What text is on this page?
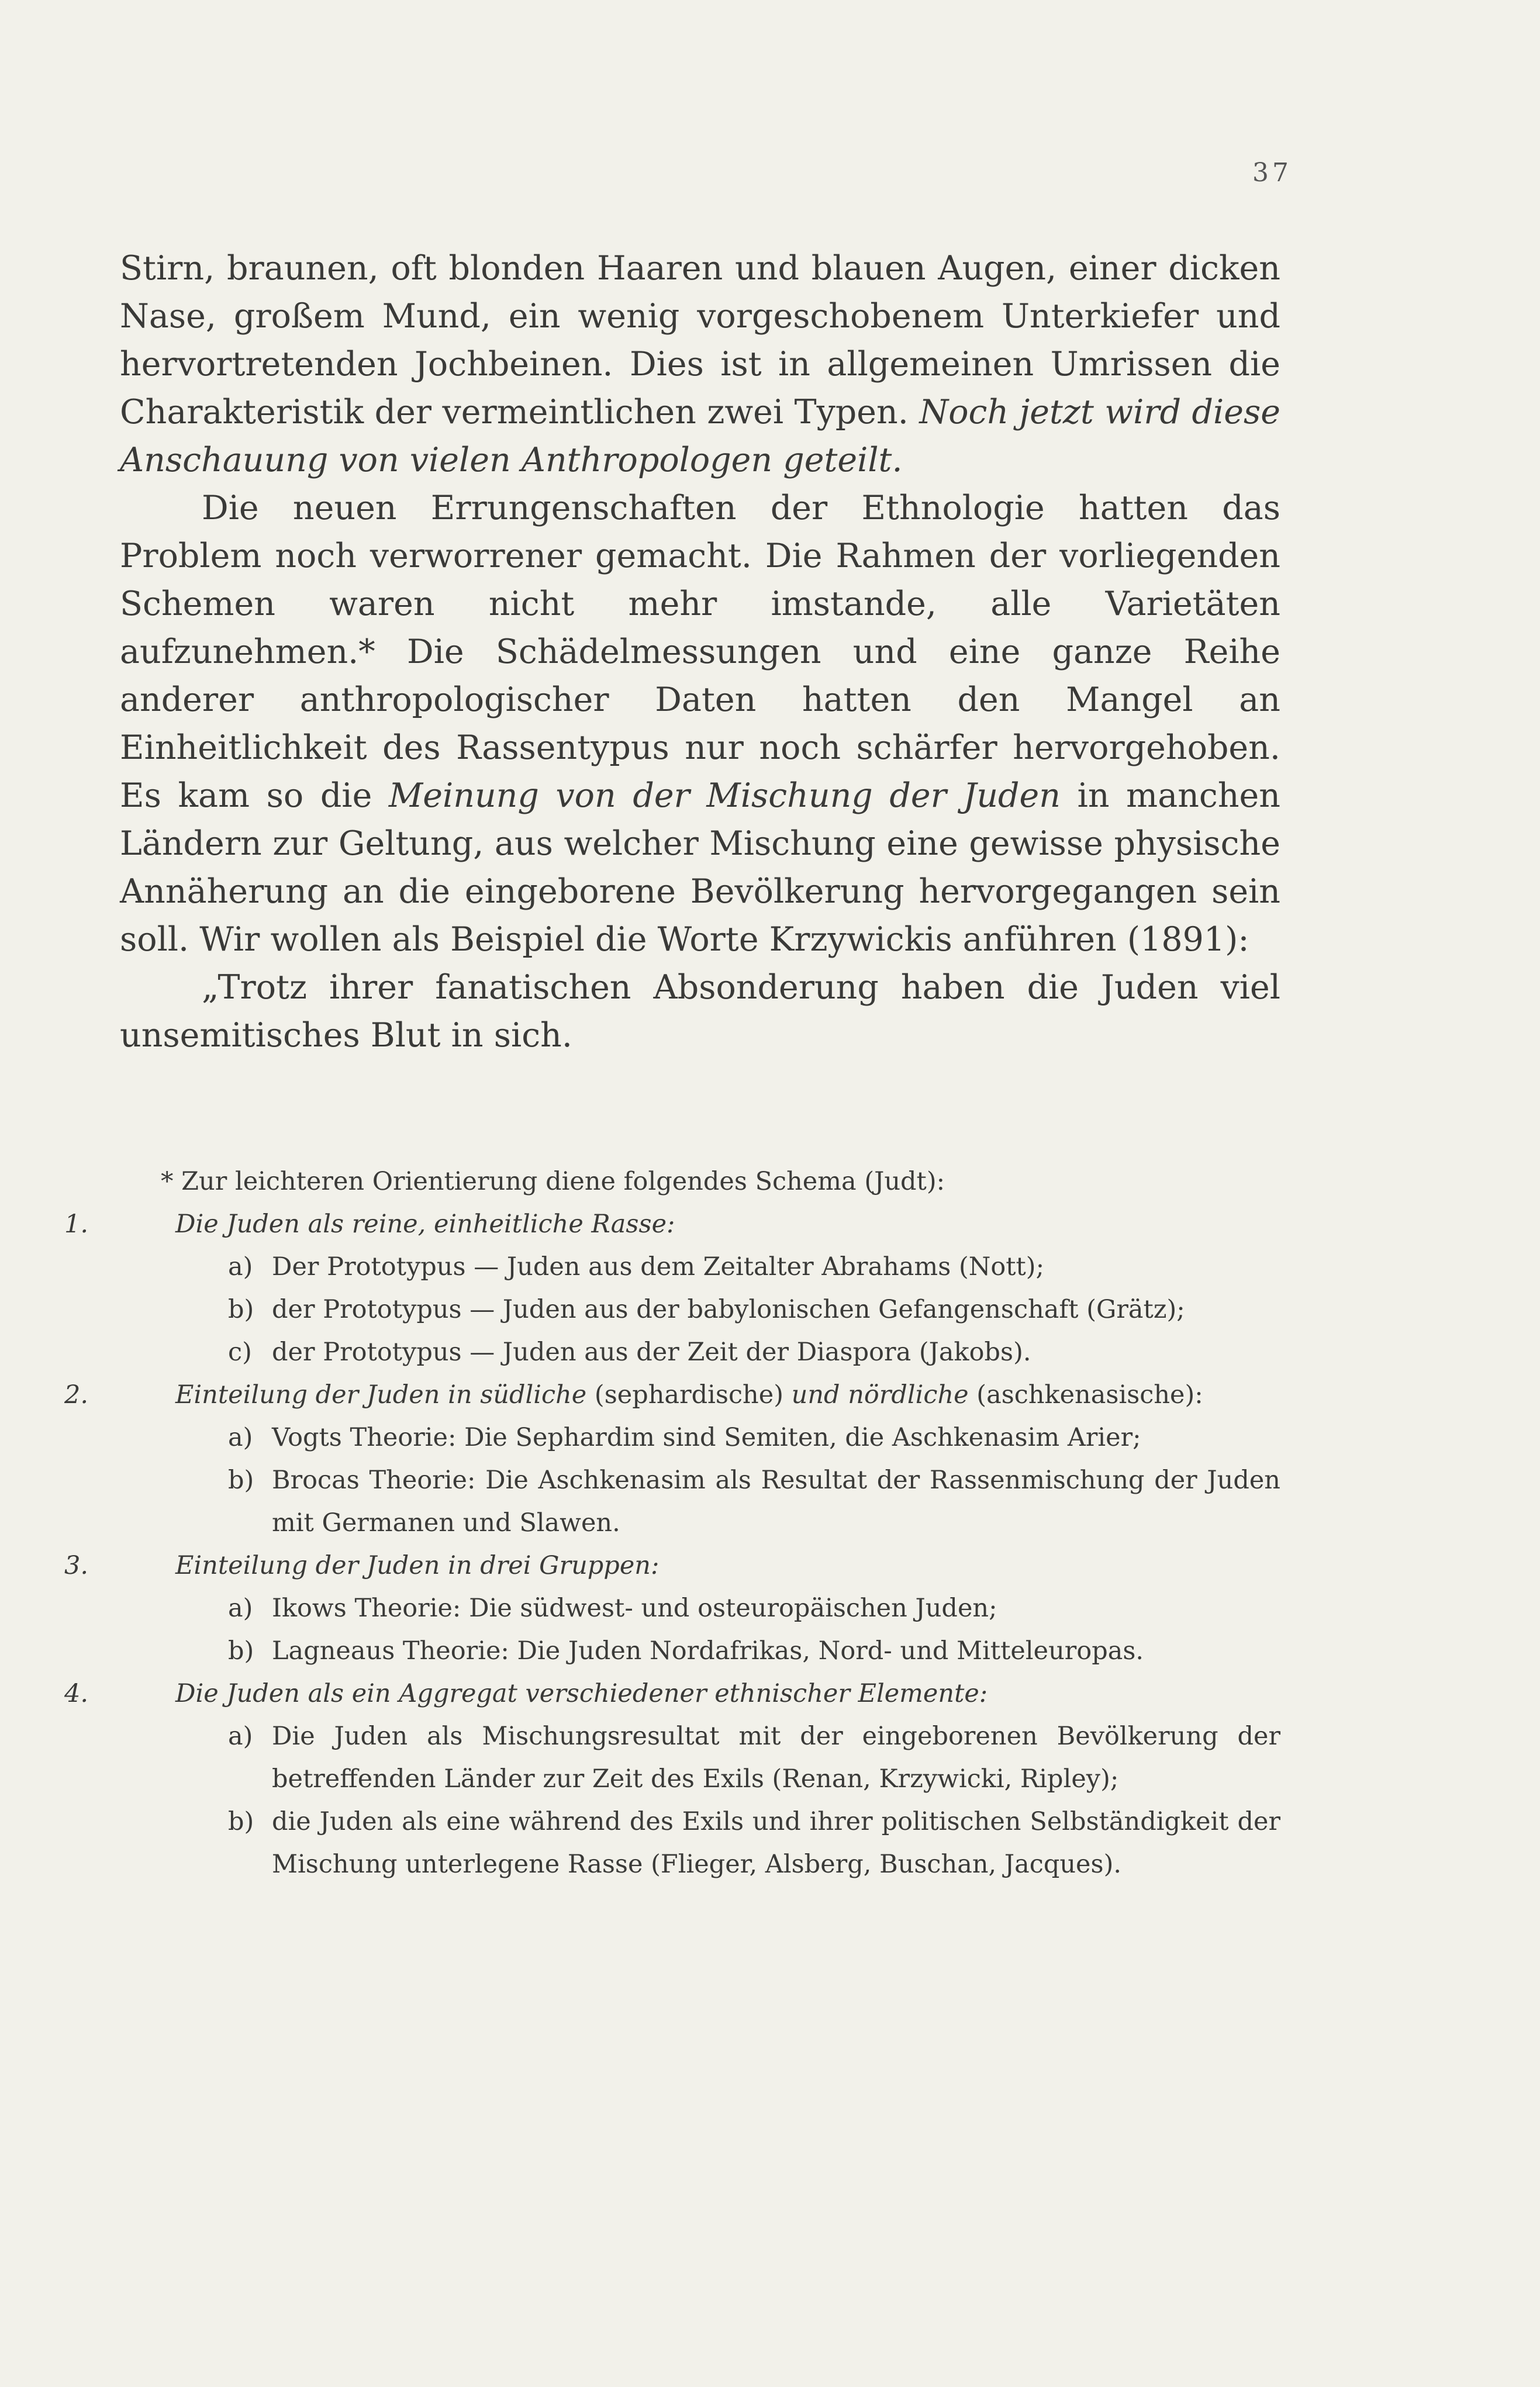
37

Stirn, braunen, oft blonden Haaren und blauen Augen, einer dicken Nase, großem Mund, ein wenig vorgeschobenem Unterkiefer und hervortretenden Jochbeinen. Dies ist in allgemeinen Umrissen die Charakteristik der vermeintlichen zwei Typen. Noch jetzt wird diese Anschauung von vielen Anthropologen geteilt.

Die neuen Errungenschaften der Ethnologie hatten das Problem noch verworrener gemacht. Die Rahmen der vorliegenden Schemen waren nicht mehr imstande, alle Varietäten aufzunehmen.* Die Schädelmessungen und eine ganze Reihe anderer anthropologischer Daten hatten den Mangel an Einheitlichkeit des Rassentypus nur noch schärfer hervorgehoben. Es kam so die Meinung von der Mischung der Juden in manchen Ländern zur Geltung, aus welcher Mischung eine gewisse physische Annäherung an die eingeborene Bevölkerung hervorgegangen sein soll. Wir wollen als Beispiel die Worte Krzywickis anführen (1891):

„Trotz ihrer fanatischen Absonderung haben die Juden viel unsemitisches Blut in sich.

* Zur leichteren Orientierung diene folgendes Schema (Judt):

1.	Die Juden als reine, einheitliche Rasse:

a) Der Prototypus — Juden aus dem Zeitalter Abrahams (Nott);

b) der Prototypus — Juden aus der babylonischen Gefangenschaft (Grätz);

c) der Prototypus — Juden aus der Zeit der Diaspora (Jakobs).

2.	Einteilung der Juden in südliche (sephardische) und nördliche (aschkenasische):

a) Vogts Theorie: Die Sephardim sind Semiten, die Aschkenasim Arier;

b) Brocas Theorie: Die Aschkenasim als Resultat der Rassenmischung der Juden mit Germanen und Slawen.

3.	Einteilung der Juden in drei Gruppen:

a) Ikows Theorie: Die südwest- und osteuropäischen Juden;

b) Lagneaus Theorie: Die Juden Nordafrikas, Nord- und Mitteleuropas.

4.	Die Juden als ein Aggregat verschiedener ethnischer Elemente:

a) Die Juden als Mischungsresultat mit der eingeborenen Bevölkerung der betreffenden Länder zur Zeit des Exils (Renan, Krzywicki, Ripley);

b) die Juden als eine während des Exils und ihrer politischen Selbständigkeit der Mischung unterlegene Rasse (Flieger, Alsberg, Buschan, Jacques).
